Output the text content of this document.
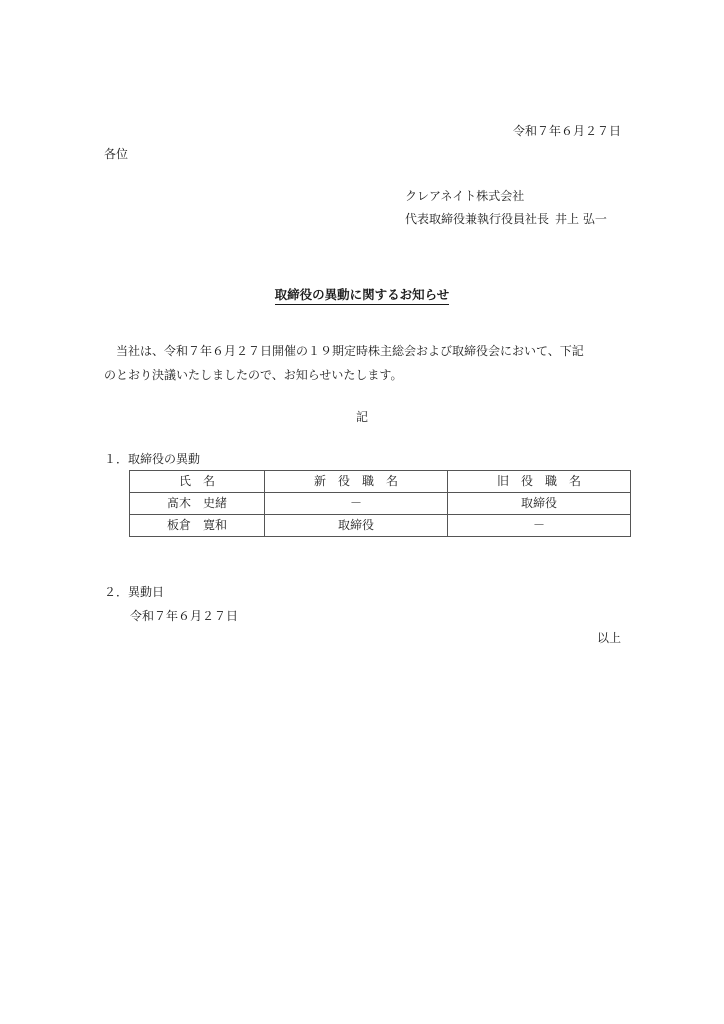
令和７年６月２７日
各位
クレアネイト株式会社
代表取締役兼執行役員社長 井上 弘一
取締役の異動に関するお知らせ
当社は、令和７年６月２７日開催の１９期定時株主総会および取締役会において、下記
のとおり決議いたしましたので、お知らせいたします。
記
１．取締役の異動
氏　名	新　役　職　名	旧　役　職　名
髙木　史緒	－	取締役
板倉　寛和	取締役	－
２．異動日
令和７年６月２７日
以上
